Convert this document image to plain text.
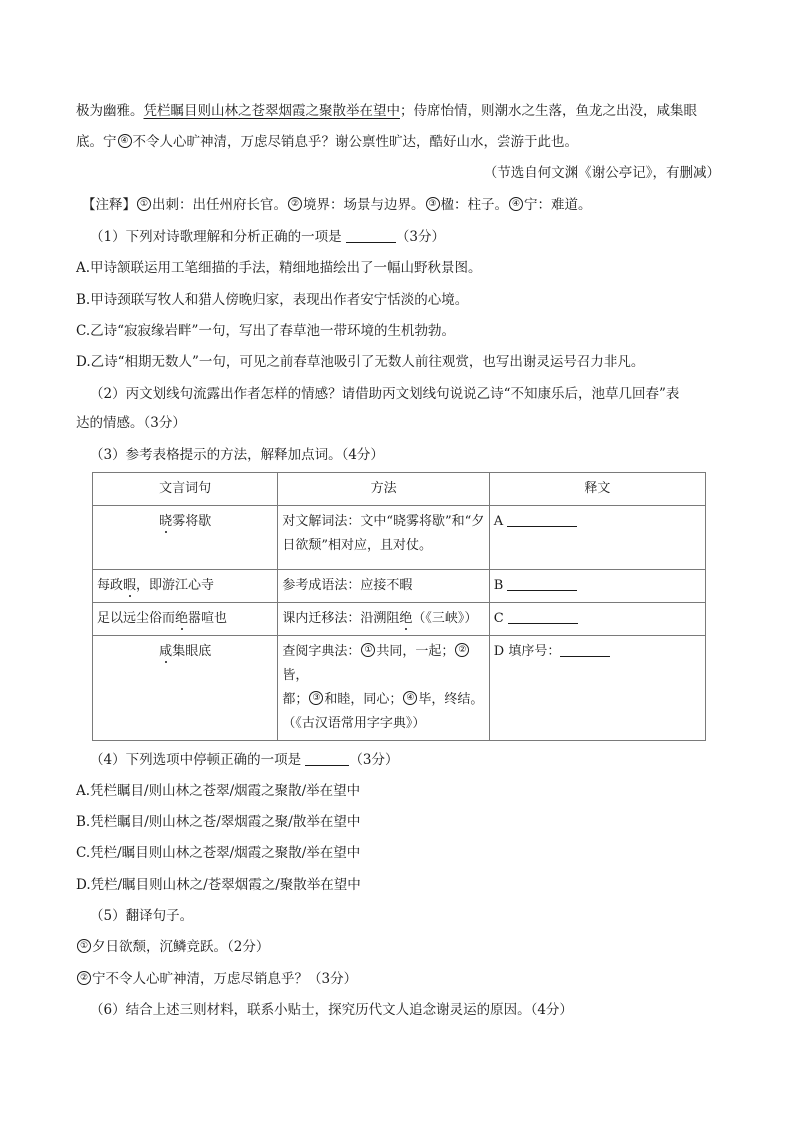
极为幽雅。凭栏瞩目则山林之苍翠烟霞之聚散举在望中；侍席怡情，则潮水之生落，鱼龙之出没，咸集眼
底。宁 ④ 不令人心旷神清，万虑尽销息乎？谢公禀性旷达，酷好山水，尝游于此也。
（节选自何文渊《谢公亭记》，有删减）
【注释】 ① 出刺：出任州府长官。 ② 境界：场景与边界。 ③ 楹：柱子。 ④ 宁：难道。
（1）下列对诗歌理解和分析正确的一项是	（3分）
A.甲诗颔联运用工笔细描的手法，精细地描绘出了一幅山野秋景图。
B.甲诗颈联写牧人和猎人傍晚归家，表现出作者安宁恬淡的心境。
C.乙诗“寂寂缘岩畔”一句，写出了春草池一带环境的生机勃勃。
D.乙诗“相期无数人”一句，可见之前春草池吸引了无数人前往观赏，也写出谢灵运号召力非凡。
（2）丙文划线句流露出作者怎样的情感？请借助丙文划线句说说乙诗“不知康乐后，池草几回春”表
达的情感。（3分）
（3）参考表格提示的方法，解释加点词。（4分）
文言词句	方法	释文
晓雾将歇	对文解词法：文中“晓雾将歇”和“夕
日欲颓”相对应，且对仗。	A
每政暇，即游江心寺	参考成语法：应接不暇	B
足以远尘俗而绝嚣喧也	课内迁移法：沿溯阻绝（《三峡》）	C
咸集眼底	查阅字典法： ① 共同，一起； ②皆，
都； ③ 和睦，同心； ④ 毕，终结。
（《古汉语常用字字典》）	D 填序号：
（4）下列选项中停顿正确的一项是	（3分）
A.凭栏瞩目/则山林之苍翠/烟霞之聚散/举在望中
B.凭栏瞩目/则山林之苍/翠烟霞之聚/散举在望中
C.凭栏/瞩目则山林之苍翠/烟霞之聚散/举在望中
D.凭栏/瞩目则山林之/苍翠烟霞之/聚散举在望中
（5）翻译句子。
① 夕日欲颓，沉鳞竞跃。（2分）
② 宁不令人心旷神清，万虑尽销息乎？（3分）
（6）结合上述三则材料，联系小贴士，探究历代文人追念谢灵运的原因。（4分）
